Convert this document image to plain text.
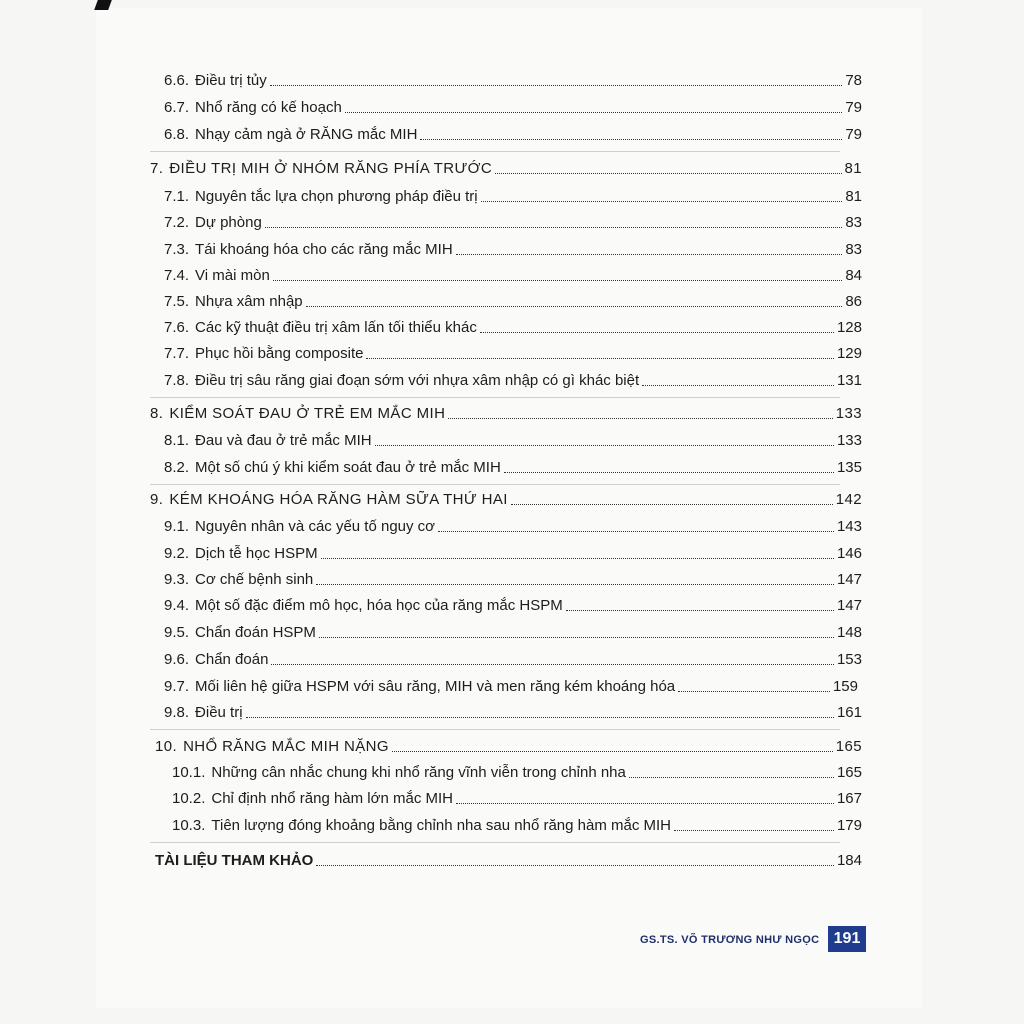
6.6. Điều trị tủy	78
6.7. Nhổ răng có kế hoạch	79
6.8. Nhạy cảm ngà ở RĂNG mắc MIH	79
7. ĐIỀU TRỊ MIH Ở NHÓM RĂNG PHÍA TRƯỚC	81
7.1. Nguyên tắc lựa chọn phương pháp điều trị	81
7.2. Dự phòng	83
7.3. Tái khoáng hóa cho các răng mắc MIH	83
7.4. Vi mài mòn	84
7.5. Nhựa xâm nhập	86
7.6. Các kỹ thuật điều trị xâm lấn tối thiểu khác	128
7.7. Phục hồi bằng composite	129
7.8. Điều trị sâu răng giai đoạn sớm với nhựa xâm nhập có gì khác biệt	131
8. KIỂM SOÁT ĐAU Ở TRẺ EM MẮC MIH	133
8.1. Đau và đau ở trẻ mắc MIH	133
8.2. Một số chú ý khi kiểm soát đau ở trẻ mắc MIH	135
9. KÉM KHOÁNG HÓA RĂNG HÀM SỮA THỨ HAI	142
9.1. Nguyên nhân và các yếu tố nguy cơ	143
9.2. Dịch tễ học HSPM	146
9.3. Cơ chế bệnh sinh	147
9.4. Một số đặc điểm mô học, hóa học của răng mắc HSPM	147
9.5. Chẩn đoán HSPM	148
9.6. Chẩn đoán	153
9.7. Mối liên hệ giữa HSPM với sâu răng, MIH và men răng kém khoáng hóa	159
9.8. Điều trị	161
10. NHỔ RĂNG MẮC MIH NẶNG	165
10.1. Những cân nhắc chung khi nhổ răng vĩnh viễn trong chỉnh nha	165
10.2. Chỉ định nhổ răng hàm lớn mắc MIH	167
10.3. Tiên lượng đóng khoảng bằng chỉnh nha sau nhổ răng hàm mắc MIH	179
TÀI LIỆU THAM KHẢO	184
GS.TS. VÕ TRƯƠNG NHƯ NGỌC 191
